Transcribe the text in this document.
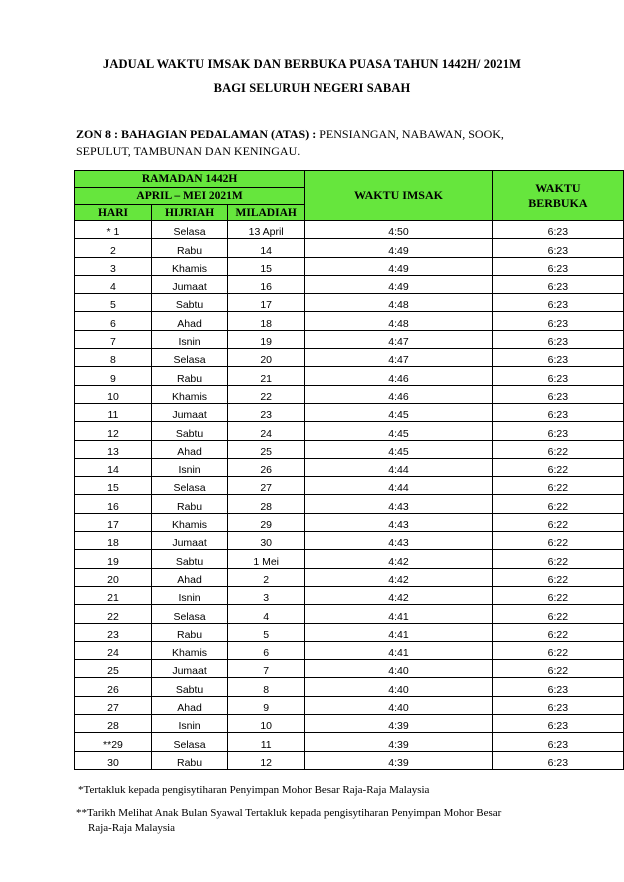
JADUAL WAKTU IMSAK DAN BERBUKA PUASA TAHUN 1442H/ 2021M
BAGI SELURUH NEGERI SABAH
ZON 8 : BAHAGIAN PEDALAMAN (ATAS) : PENSIANGAN, NABAWAN, SOOK, SEPULUT, TAMBUNAN DAN KENINGAU.
RAMADAN 1442H			WAKTU IMSAK	WAKTU
BERBUKA
APRIL – MEI 2021M				
HARI	HIJRIAH	MILADIAH		
* 1	Selasa	13 April	4:50	6:23
2	Rabu	14	4:49	6:23
3	Khamis	15	4:49	6:23
4	Jumaat	16	4:49	6:23
5	Sabtu	17	4:48	6:23
6	Ahad	18	4:48	6:23
7	Isnin	19	4:47	6:23
8	Selasa	20	4:47	6:23
9	Rabu	21	4:46	6:23
10	Khamis	22	4:46	6:23
11	Jumaat	23	4:45	6:23
12	Sabtu	24	4:45	6:23
13	Ahad	25	4:45	6:22
14	Isnin	26	4:44	6:22
15	Selasa	27	4:44	6:22
16	Rabu	28	4:43	6:22
17	Khamis	29	4:43	6:22
18	Jumaat	30	4:43	6:22
19	Sabtu	1 Mei	4:42	6:22
20	Ahad	2	4:42	6:22
21	Isnin	3	4:42	6:22
22	Selasa	4	4:41	6:22
23	Rabu	5	4:41	6:22
24	Khamis	6	4:41	6:22
25	Jumaat	7	4:40	6:22
26	Sabtu	8	4:40	6:23
27	Ahad	9	4:40	6:23
28	Isnin	10	4:39	6:23
**29	Selasa	11	4:39	6:23
30	Rabu	12	4:39	6:23
*Tertakluk kepada pengisytiharan Penyimpan Mohor Besar Raja-Raja Malaysia
**Tarikh Melihat Anak Bulan Syawal Tertakluk kepada pengisytiharan Penyimpan Mohor Besar
Raja-Raja Malaysia
